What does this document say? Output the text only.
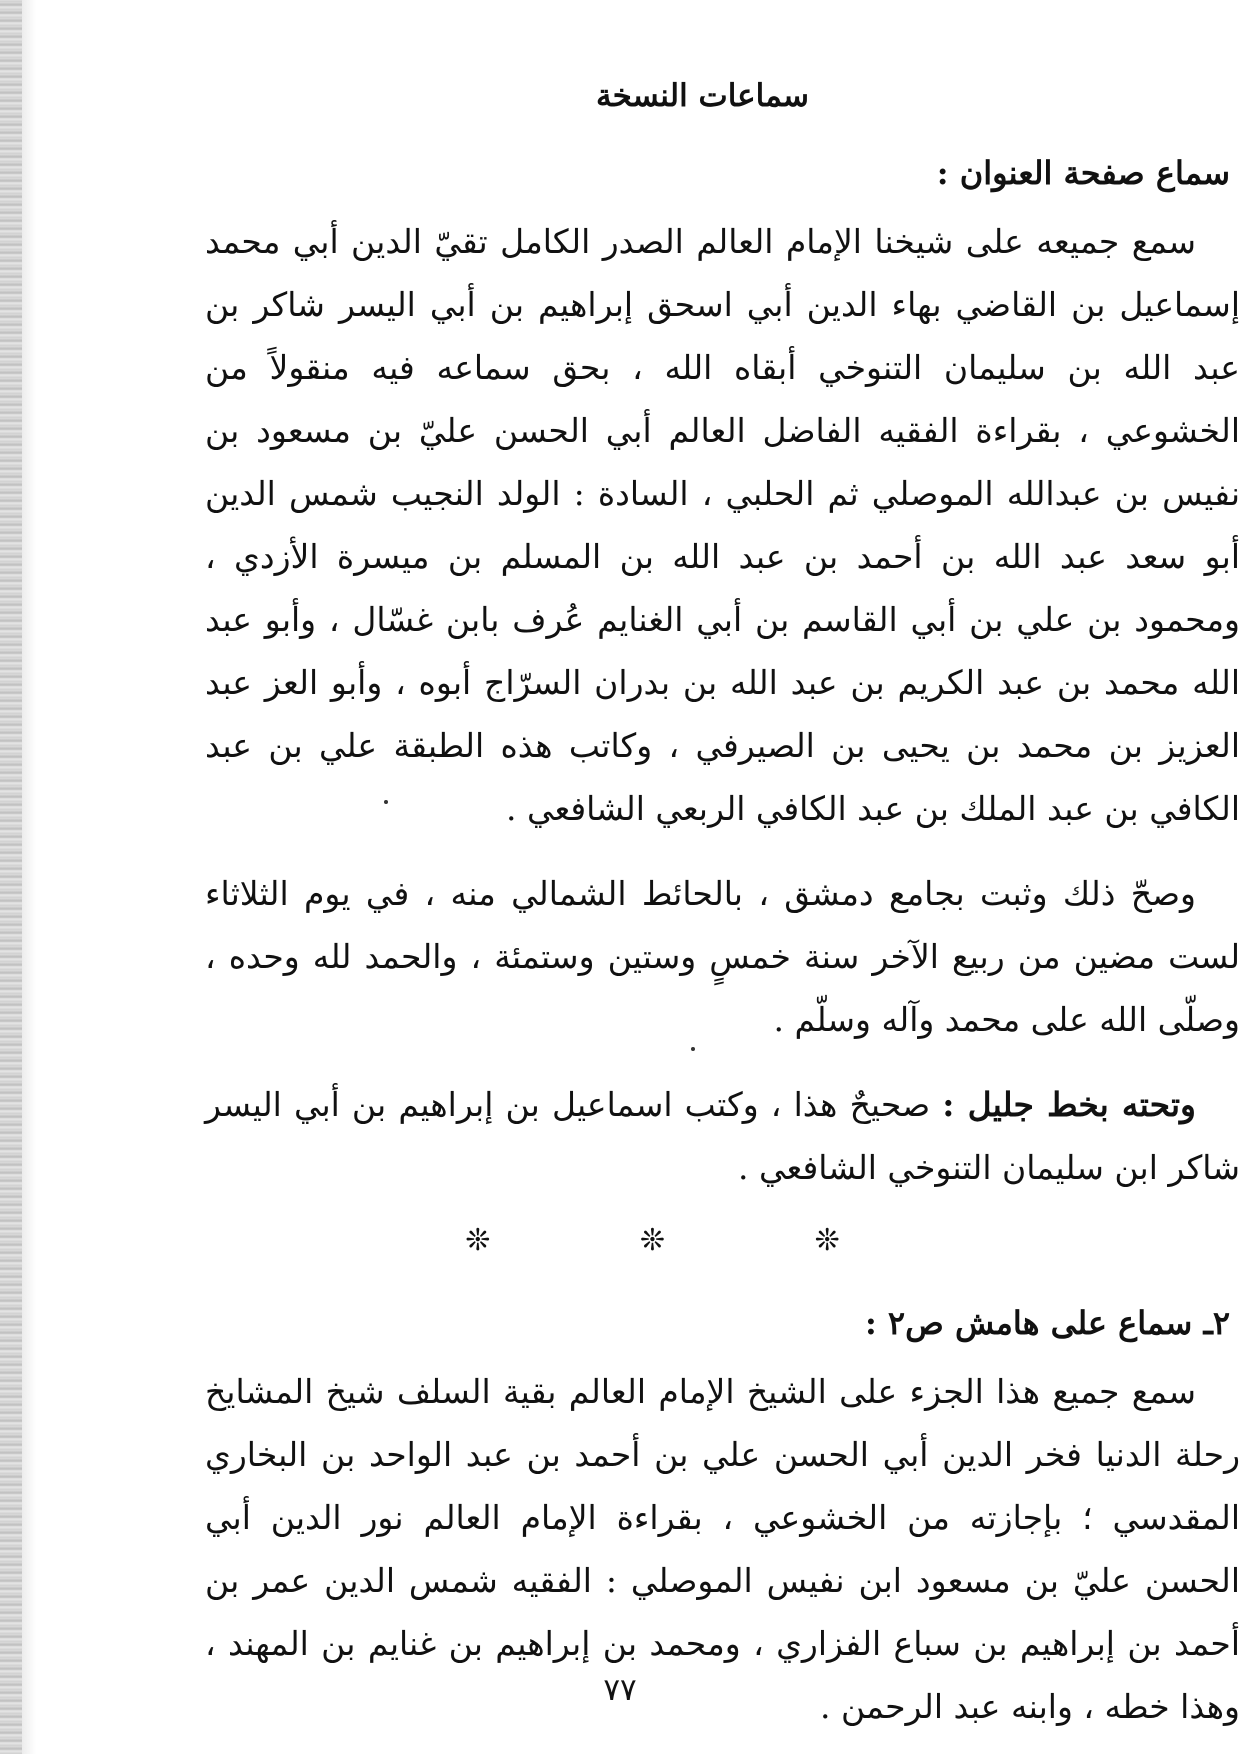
سماعات النسخة
سماع صفحة العنوان :

سمع جميعه على شيخنا الإمام العالم الصدر الكامل تقيّ الدين أبي محمد إسماعيل بن القاضي بهاء الدين أبي اسحق إبراهيم بن أبي اليسر شاكر بن عبد الله بن سليمان التنوخي أبقاه الله ، بحق سماعه فيه منقولاً من الخشوعي ، بقراءة الفقيه الفاضل العالم أبي الحسن عليّ بن مسعود بن نفيس بن عبدالله الموصلي ثم الحلبي ، السادة : الولد النجيب شمس الدين أبو سعد عبد الله بن أحمد بن عبد الله بن المسلم بن ميسرة الأزدي ، ومحمود بن علي بن أبي القاسم بن أبي الغنايم عُرف بابن غسّال ، وأبو عبد الله محمد بن عبد الكريم بن عبد الله بن بدران السرّاج أبوه ، وأبو العز عبد العزيز بن محمد بن يحيى بن الصيرفي ، وكاتب هذه الطبقة علي بن عبد الكافي بن عبد الملك بن عبد الكافي الربعي الشافعي .

وصحّ ذلك وثبت بجامع دمشق ، بالحائط الشمالي منه ، في يوم الثلاثاء لست مضين من ربيع الآخر سنة خمسٍ وستين وستمئة ، والحمد لله وحده ، وصلّى الله على محمد وآله وسلّم .

وتحته بخط جليل : صحيحٌ هذا ، وكتب اسماعيل بن إبراهيم بن أبي اليسر شاكر ابن سليمان التنوخي الشافعي .

❊ ❊ ❊
٢ـ سماع على هامش ص٢ :

سمع جميع هذا الجزء على الشيخ الإمام العالم بقية السلف شيخ المشايخ رحلة الدنيا فخر الدين أبي الحسن علي بن أحمد بن عبد الواحد بن البخاري المقدسي ؛ بإجازته من الخشوعي ، بقراءة الإمام العالم نور الدين أبي الحسن عليّ بن مسعود ابن نفيس الموصلي : الفقيه شمس الدين عمر بن أحمد بن إبراهيم بن سباع الفزاري ، ومحمد بن إبراهيم بن غنايم بن المهند ، وهذا خطه ، وابنه عبد الرحمن .

٧٧
